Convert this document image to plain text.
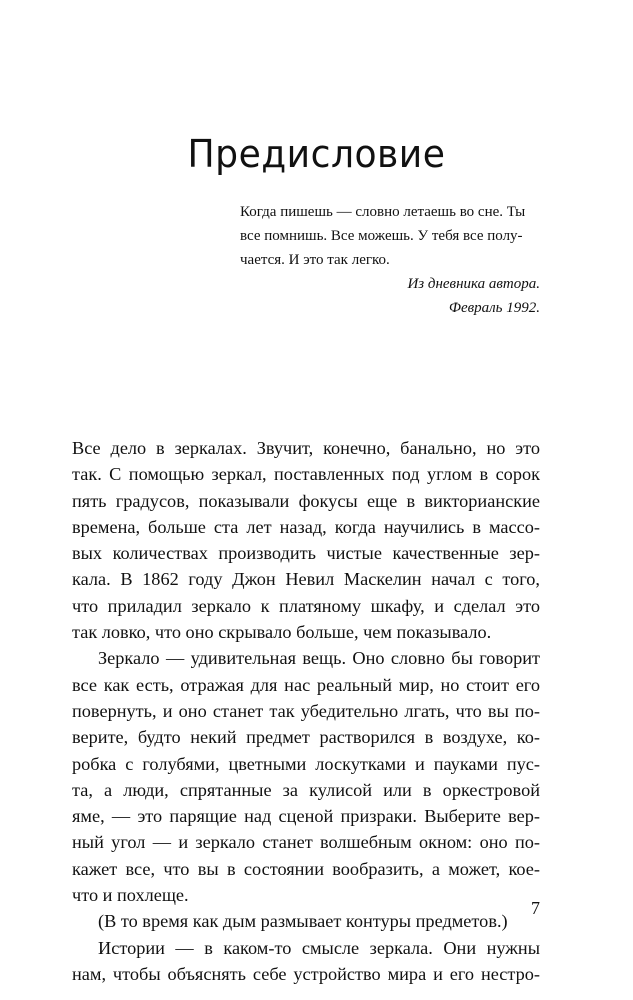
Предисловие
Когда пишешь — словно летаешь во сне. Ты
все помнишь. Все можешь. У тебя все полу-
чается. И это так легко.
Из дневника автора.
Февраль 1992.
Все дело в зеркалах. Звучит, конечно, банально, но это
так. С помощью зеркал, поставленных под углом в сорок
пять градусов, показывали фокусы еще в викторианские
времена, больше ста лет назад, когда научились в массо-
вых количествах производить чистые качественные зер-
кала. В 1862 году Джон Невил Маскелин начал с того,
что приладил зеркало к платяному шкафу, и сделал это
так ловко, что оно скрывало больше, чем показывало.
Зеркало — удивительная вещь. Оно словно бы говорит
все как есть, отражая для нас реальный мир, но стоит его
повернуть, и оно станет так убедительно лгать, что вы по-
верите, будто некий предмет растворился в воздухе, ко-
робка с голубями, цветными лоскутками и пауками пус-
та, а люди, спрятанные за кулисой или в оркестровой
яме, — это парящие над сценой призраки. Выберите вер-
ный угол — и зеркало станет волшебным окном: оно по-
кажет все, что вы в состоянии вообразить, а может, кое-
что и похлеще.
(В то время как дым размывает контуры предметов.)
Истории — в каком-то смысле зеркала. Они нужны
нам, чтобы объяснять себе устройство мира и его нестро-
7
